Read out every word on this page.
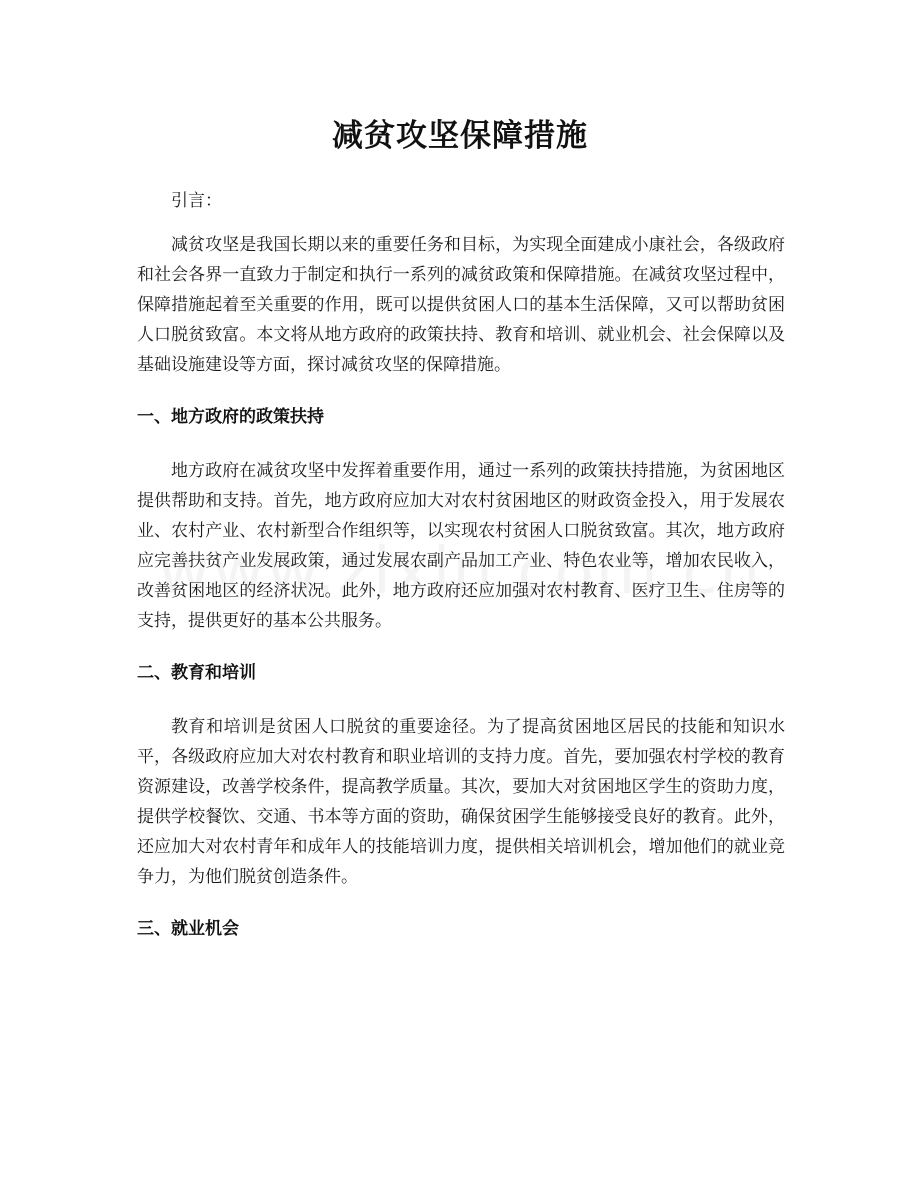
减贫攻坚保障措施

引言：

减贫攻坚是我国长期以来的重要任务和目标，为实现全面建成小康社会，各级政府和社会各界一直致力于制定和执行一系列的减贫政策和保障措施。在减贫攻坚过程中，保障措施起着至关重要的作用，既可以提供贫困人口的基本生活保障，又可以帮助贫困人口脱贫致富。本文将从地方政府的政策扶持、教育和培训、就业机会、社会保障以及基础设施建设等方面，探讨减贫攻坚的保障措施。

一、地方政府的政策扶持

地方政府在减贫攻坚中发挥着重要作用，通过一系列的政策扶持措施，为贫困地区提供帮助和支持。首先，地方政府应加大对农村贫困地区的财政资金投入，用于发展农业、农村产业、农村新型合作组织等，以实现农村贫困人口脱贫致富。其次，地方政府应完善扶贫产业发展政策，通过发展农副产品加工产业、特色农业等，增加农民收入，改善贫困地区的经济状况。此外，地方政府还应加强对农村教育、医疗卫生、住房等的支持，提供更好的基本公共服务。

二、教育和培训

教育和培训是贫困人口脱贫的重要途径。为了提高贫困地区居民的技能和知识水平，各级政府应加大对农村教育和职业培训的支持力度。首先，要加强农村学校的教育资源建设，改善学校条件，提高教学质量。其次，要加大对贫困地区学生的资助力度，提供学校餐饮、交通、书本等方面的资助，确保贫困学生能够接受良好的教育。此外，还应加大对农村青年和成年人的技能培训力度，提供相关培训机会，增加他们的就业竞争力，为他们脱贫创造条件。

三、就业机会
